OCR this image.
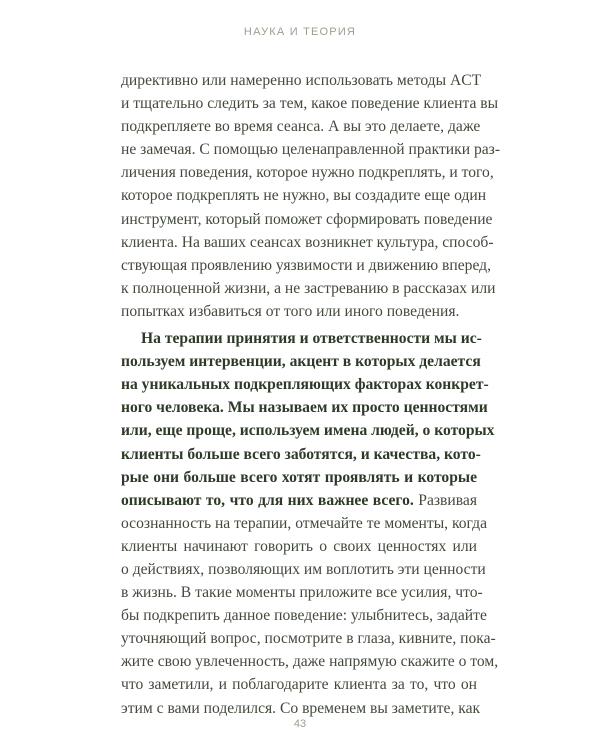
НАУКА И ТЕОРИЯ
директивно или намеренно использовать методы ACT
и тщательно следить за тем, какое поведение клиента вы
подкрепляете во время сеанса. А вы это делаете, даже
не замечая. С помощью целенаправленной практики раз-
личения поведения, которое нужно подкреплять, и того,
которое подкреплять не нужно, вы создадите еще один
инструмент, который поможет сформировать поведение
клиента. На ваших сеансах возникнет культура, способ-
ствующая проявлению уязвимости и движению вперед,
к полноценной жизни, а не застреванию в рассказах или
попытках избавиться от того или иного поведения.
На терапии принятия и ответственности мы ис-
пользуем интервенции, акцент в которых делается
на уникальных подкрепляющих факторах конкрет-
ного человека. Мы называем их просто ценностями
или, еще проще, используем имена людей, о которых
клиенты больше всего заботятся, и качества, кото-
рые они больше всего хотят проявлять и которые
описывают то, что для них важнее всего. Развивая
осознанность на терапии, отмечайте те моменты, когда
клиенты начинают говорить о своих ценностях или
о действиях, позволяющих им воплотить эти ценности
в жизнь. В такие моменты приложите все усилия, что-
бы подкрепить данное поведение: улыбнитесь, задайте
уточняющий вопрос, посмотрите в глаза, кивните, пока-
жите свою увлеченность, даже напрямую скажите о том,
что заметили, и поблагодарите клиента за то, что он
этим с вами поделился. Со временем вы заметите, как
43
